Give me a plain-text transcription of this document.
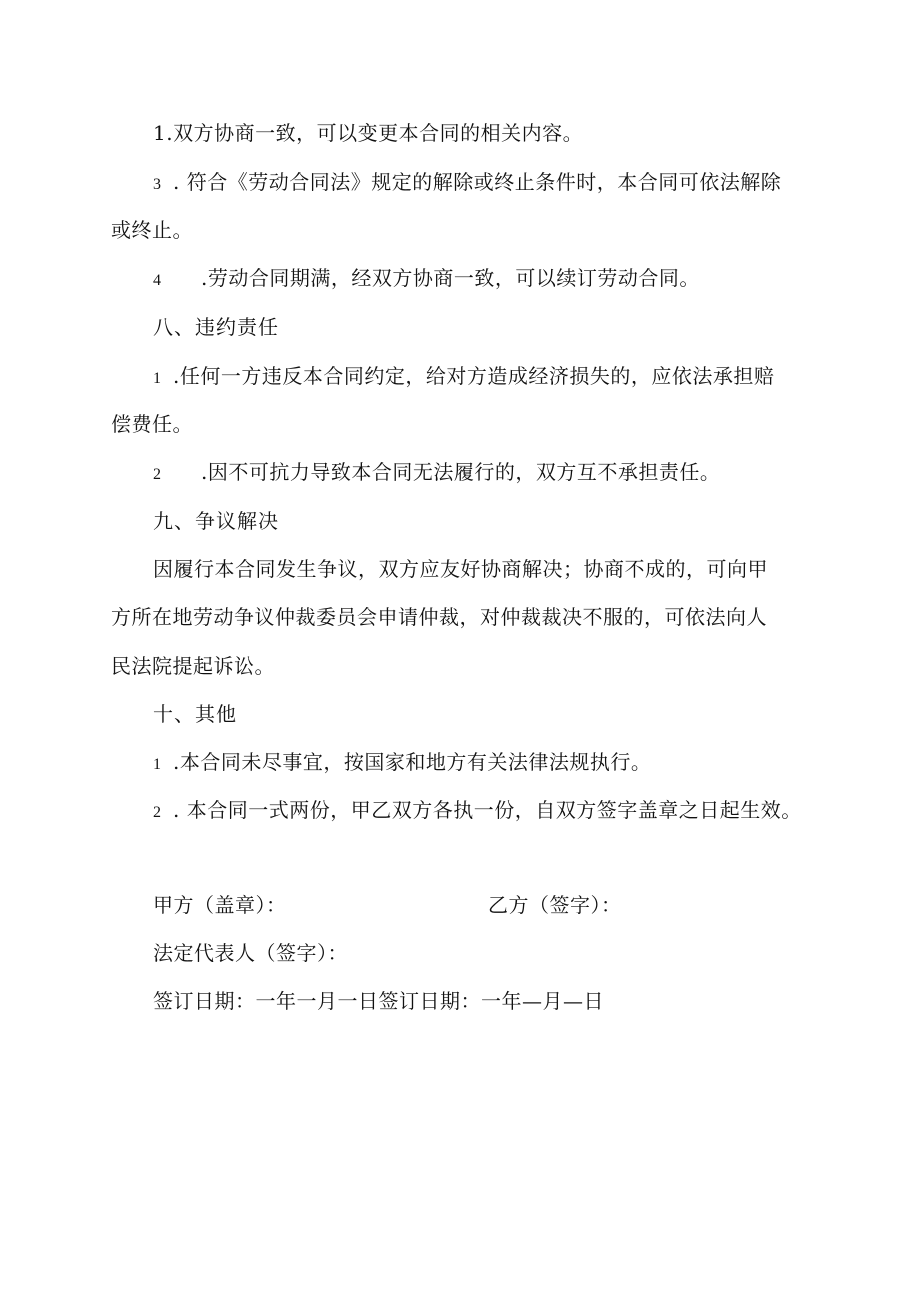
1.双方协商一致，可以变更本合同的相关内容。
3 . 符合《劳动合同法》规定的解除或终止条件时，本合同可依法解除
或终止。
4 .劳动合同期满，经双方协商一致，可以续订劳动合同。
八、违约责任
1 .任何一方违反本合同约定，给对方造成经济损失的，应依法承担赔
偿费任。
2 .因不可抗力导致本合同无法履行的，双方互不承担责任。
九、争议解决
因履行本合同发生争议，双方应友好协商解决；协商不成的，可向甲
方所在地劳动争议仲裁委员会申请仲裁，对仲裁裁决不服的，可依法向人
民法院提起诉讼。
十、其他
1 .本合同未尽事宜，按国家和地方有关法律法规执行。
2 . 本合同一式两份，甲乙双方各执一份，自双方签字盖章之日起生效。
甲方（盖章）：	乙方（签字）：
法定代表人（签字）：
签订日期：一年一月一日签订日期：一年—月—日
